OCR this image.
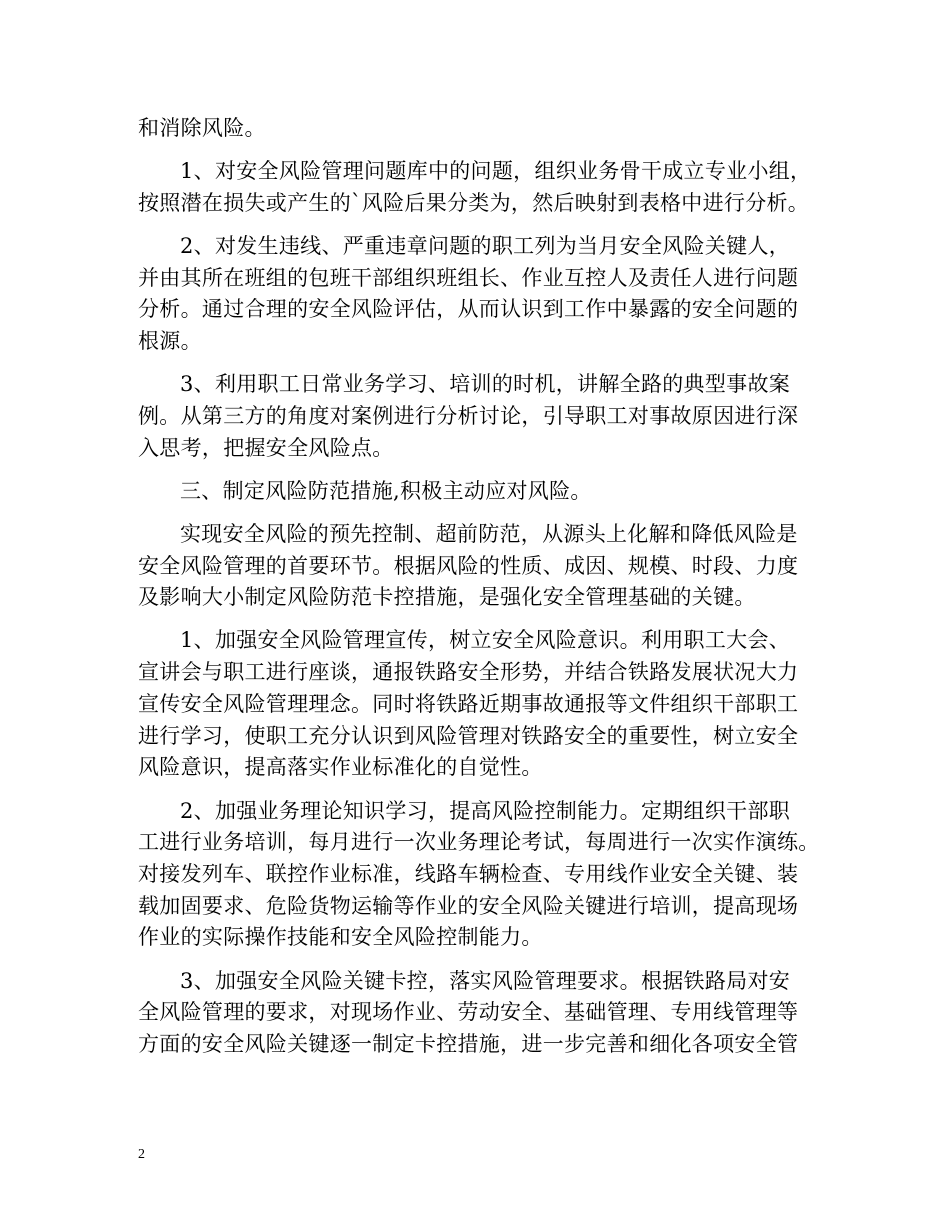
和消除风险。
1、对安全风险管理问题库中的问题，组织业务骨干成立专业小组，
按照潜在损失或产生的`风险后果分类为，然后映射到表格中进行分析。
2、对发生违线、严重违章问题的职工列为当月安全风险关键人，
并由其所在班组的包班干部组织班组长、作业互控人及责任人进行问题
分析。通过合理的安全风险评估，从而认识到工作中暴露的安全问题的
根源。
3、利用职工日常业务学习、培训的时机，讲解全路的典型事故案
例。从第三方的角度对案例进行分析讨论，引导职工对事故原因进行深
入思考，把握安全风险点。
三、制定风险防范措施,积极主动应对风险。
实现安全风险的预先控制、超前防范，从源头上化解和降低风险是
安全风险管理的首要环节。根据风险的性质、成因、规模、时段、力度
及影响大小制定风险防范卡控措施，是强化安全管理基础的关键。
1、加强安全风险管理宣传，树立安全风险意识。利用职工大会、
宣讲会与职工进行座谈，通报铁路安全形势，并结合铁路发展状况大力
宣传安全风险管理理念。同时将铁路近期事故通报等文件组织干部职工
进行学习，使职工充分认识到风险管理对铁路安全的重要性，树立安全
风险意识，提高落实作业标准化的自觉性。
2、加强业务理论知识学习，提高风险控制能力。定期组织干部职
工进行业务培训，每月进行一次业务理论考试，每周进行一次实作演练。
对接发列车、联控作业标准，线路车辆检查、专用线作业安全关键、装
载加固要求、危险货物运输等作业的安全风险关键进行培训，提高现场
作业的实际操作技能和安全风险控制能力。
3、加强安全风险关键卡控，落实风险管理要求。根据铁路局对安
全风险管理的要求，对现场作业、劳动安全、基础管理、专用线管理等
方面的安全风险关键逐一制定卡控措施，进一步完善和细化各项安全管
2
